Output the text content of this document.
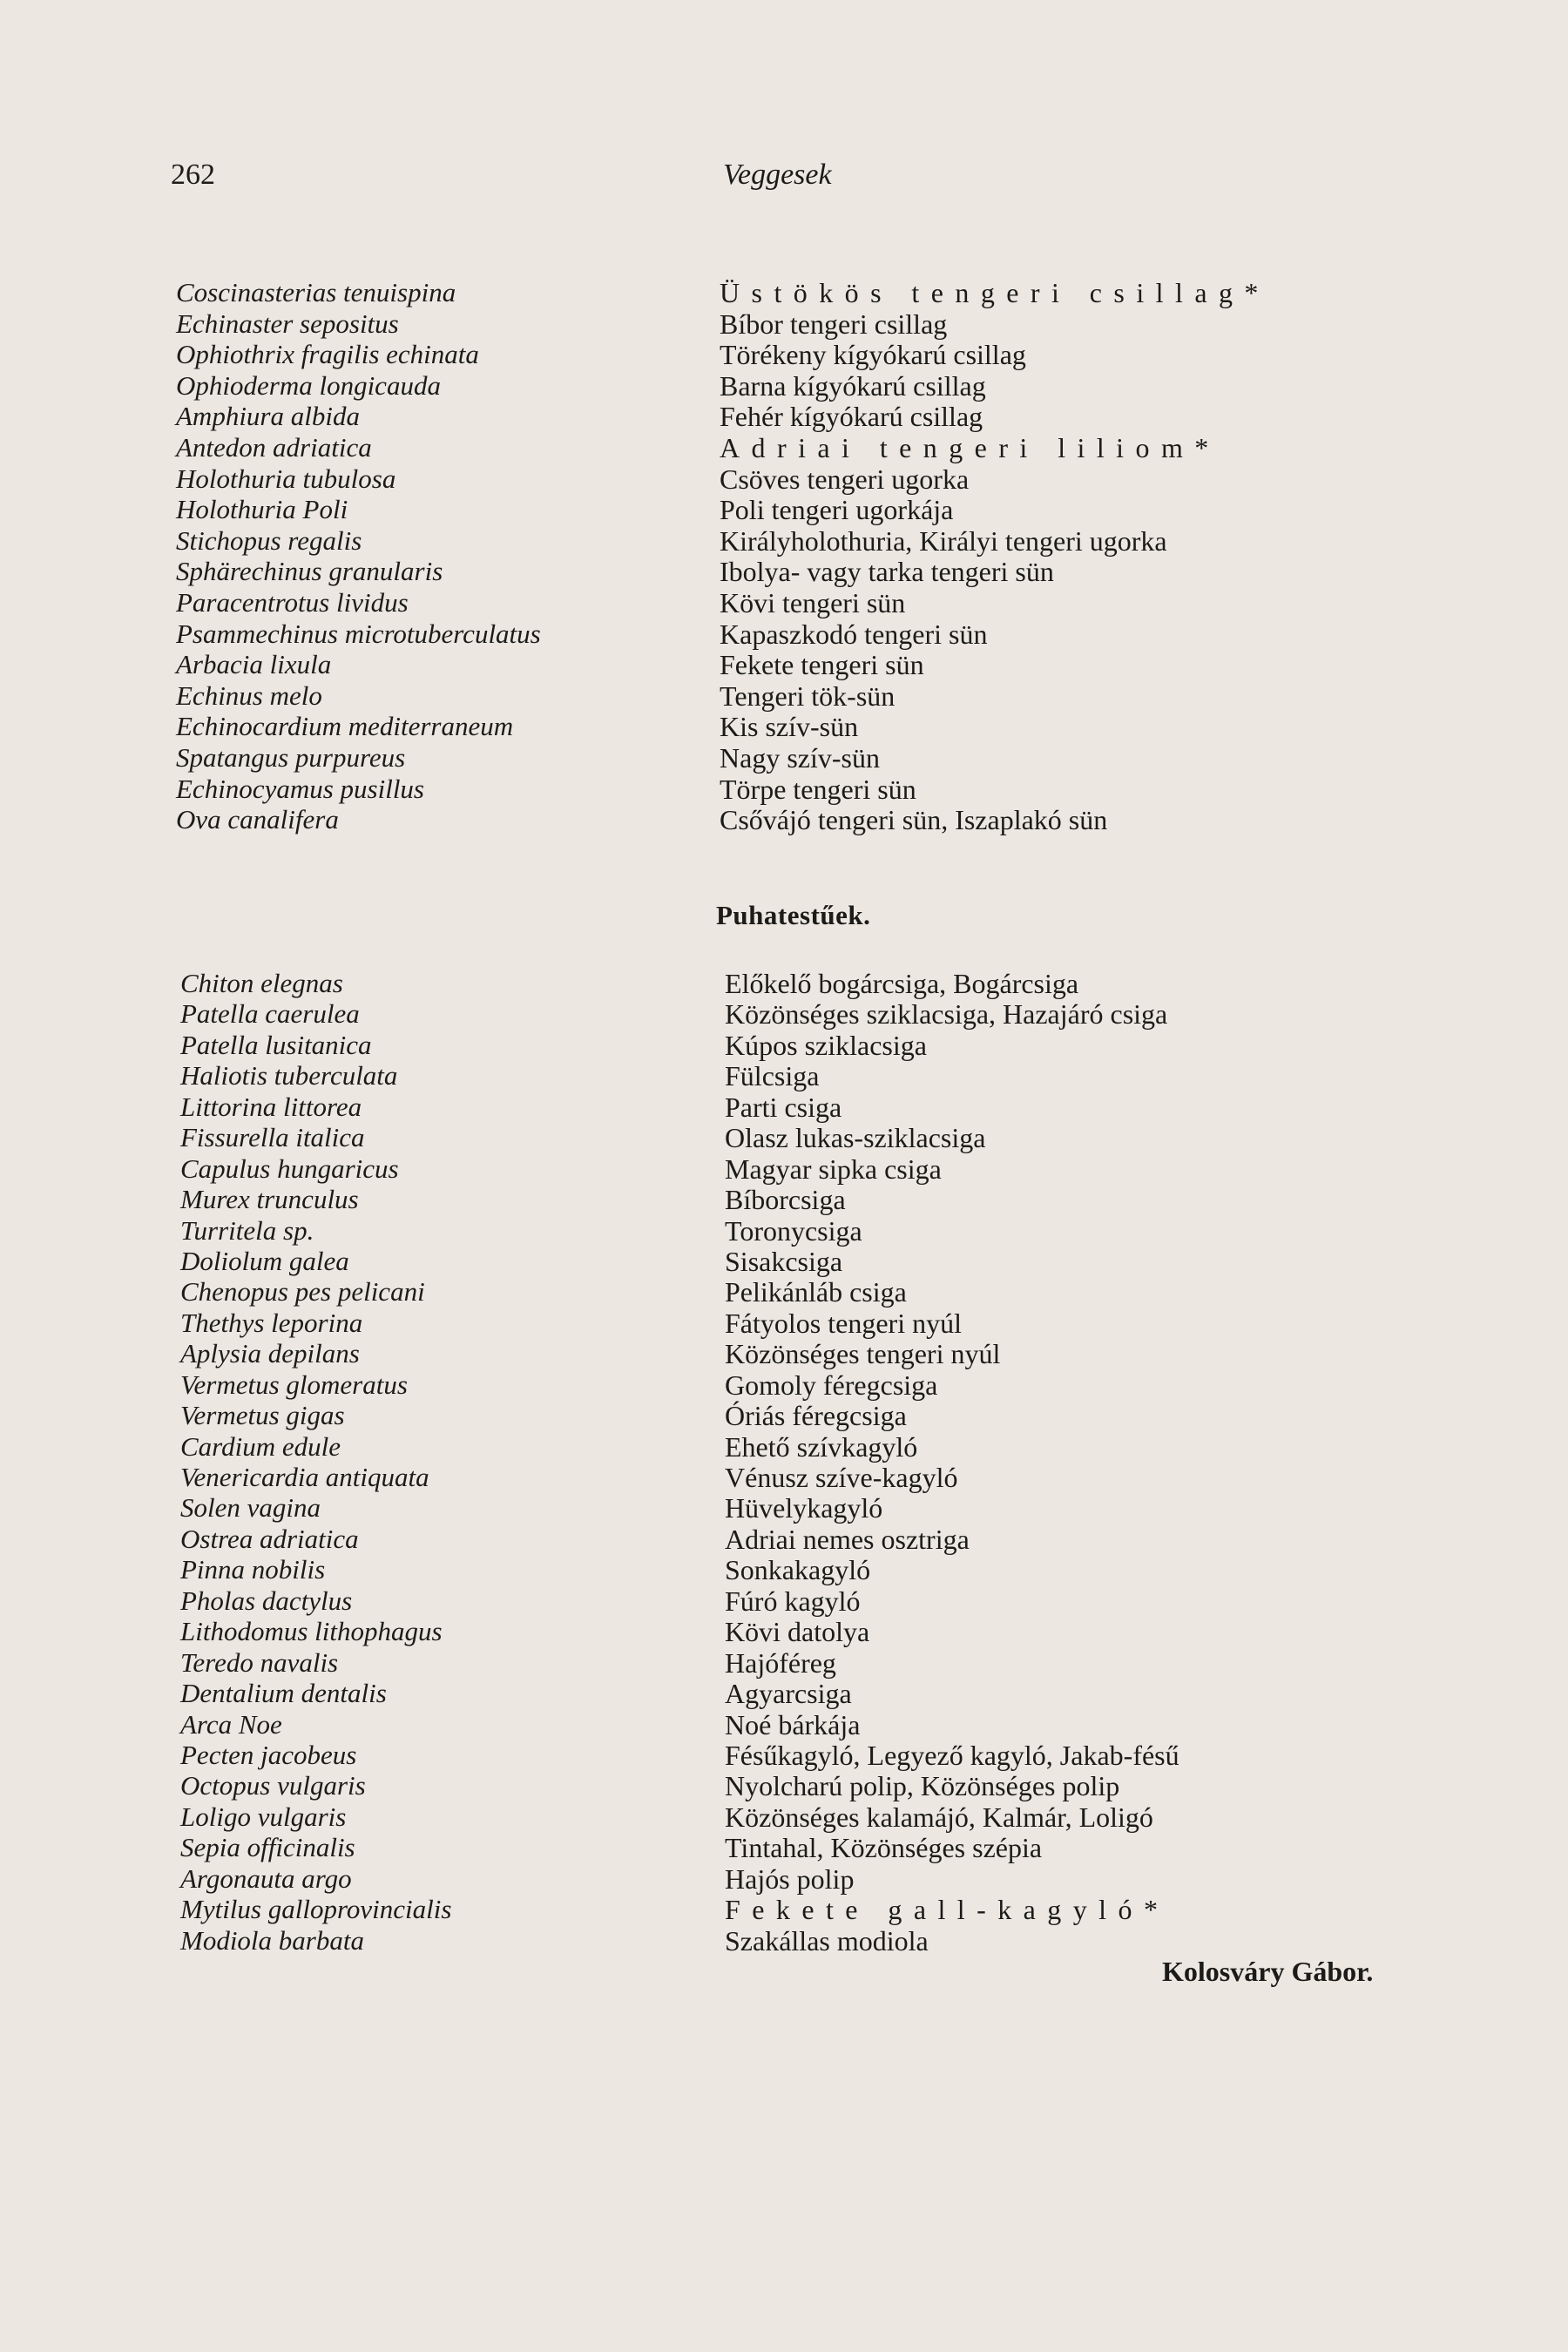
262	Veggesek
Coscinasterias tenuispina	Üstökös tengeri csillag*
Echinaster sepositus	Bíbor tengeri csillag
Ophiothrix fragilis echinata	Törékeny kígyókarú csillag
Ophioderma longicauda	Barna kígyókarú csillag
Amphiura albida	Fehér kígyókarú csillag
Antedon adriatica	Adriai tengeri liliom*
Holothuria tubulosa	Csöves tengeri ugorka
Holothuria Poli	Poli tengeri ugorkája
Stichopus regalis	Királyholothuria, Királyi tengeri ugorka
Sphärechinus granularis	Ibolya- vagy tarka tengeri sün
Paracentrotus lividus	Kövi tengeri sün
Psammechinus microtuberculatus	Kapaszkodó tengeri sün
Arbacia lixula	Fekete tengeri sün
Echinus melo	Tengeri tök-sün
Echinocardium mediterraneum	Kis szív-sün
Spatangus purpureus	Nagy szív-sün
Echinocyamus pusillus	Törpe tengeri sün
Ova canalifera	Csővájó tengeri sün, Iszaplakó sün
Puhatestűek.
Chiton elegnas	Előkelő bogárcsiga, Bogárcsiga
Patella caerulea	Közönséges sziklacsiga, Hazajáró csiga
Patella lusitanica	Kúpos sziklacsiga
Haliotis tuberculata	Fülcsiga
Littorina littorea	Parti csiga
Fissurella italica	Olasz lukas-sziklacsiga
Capulus hungaricus	Magyar sipka csiga
Murex trunculus	Bíborcsiga
Turritela sp.	Toronycsiga
Doliolum galea	Sisakcsiga
Chenopus pes pelicani	Pelikánláb csiga
Thethys leporina	Fátyolos tengeri nyúl
Aplysia depilans	Közönséges tengeri nyúl
Vermetus glomeratus	Gomoly féregcsiga
Vermetus gigas	Óriás féregcsiga
Cardium edule	Ehető szívkagyló
Venericardia antiquata	Vénusz szíve-kagyló
Solen vagina	Hüvelykagyló
Ostrea adriatica	Adriai nemes osztriga
Pinna nobilis	Sonkakagyló
Pholas dactylus	Fúró kagyló
Lithodomus lithophagus	Kövi datolya
Teredo navalis	Hajóféreg
Dentalium dentalis	Agyarcsiga
Arca Noe	Noé bárkája
Pecten jacobeus	Fésűkagyló, Legyező kagyló, Jakab-fésű
Octopus vulgaris	Nyolcharú polip, Közönséges polip
Loligo vulgaris	Közönséges kalamájó, Kalmár, Loligó
Sepia officinalis	Tintahal, Közönséges szépia
Argonauta argo	Hajós polip
Mytilus galloprovincialis	Fekete gall-kagyló*
Modiola barbata	Szakállas modiola
Kolosváry Gábor.
